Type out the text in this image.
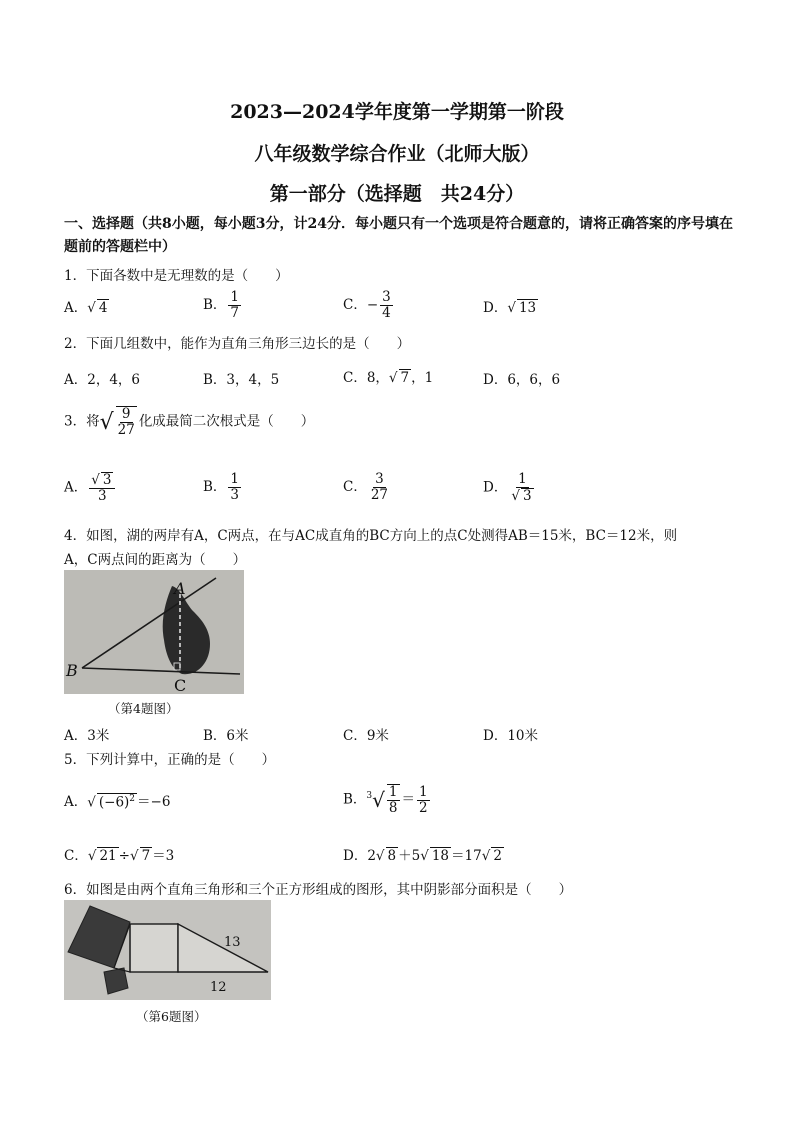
2023—2024学年度第一学期第一阶段
八年级数学综合作业（北师大版）
第一部分（选择题　共24分）
一、选择题（共8小题，每小题3分，计24分．每小题只有一个选项是符合题意的，请将正确答案的序号填在题前的答题栏中）
1．下面各数中是无理数的是（　　）
A．√ 4	B． $\frac{1}{7}$	C．− $\frac{3}{4}$	D．√ 13
2．下面几组数中，能作为直角三角形三边长的是（　　）
A．2，4，6	B．3，4，5	C．8，√ 7 ，1	D．6，6，6
3．将√ $\frac{9}{27}$ 化成最简二次根式是（　　）
A． $\frac{√ 3}{3}$	B． $\frac{1}{3}$	C． $\frac{3}{27}$	D． $\frac{1}{√ 3}$
4．如图，湖的两岸有A，C两点，在与AC成直角的BC方向上的点C处测得AB＝15米，BC＝12米，则
A，C两点间的距离为（　　）
A
B
C
（第4题图）
A．3米	B．6米	C．9米	D．10米
5．下列计算中，正确的是（　　）
A．√ $(-6)^2 =-6$	B．$^3√ \frac{1}{8} = \frac{1}{2}$
C．√ 21 ÷√ 7 ＝3	D．2√ 8 ＋5√ 18 ＝17√ 2
6．如图是由两个直角三角形和三个正方形组成的图形，其中阴影部分面积是（　　）
13
12
（第6题图）
